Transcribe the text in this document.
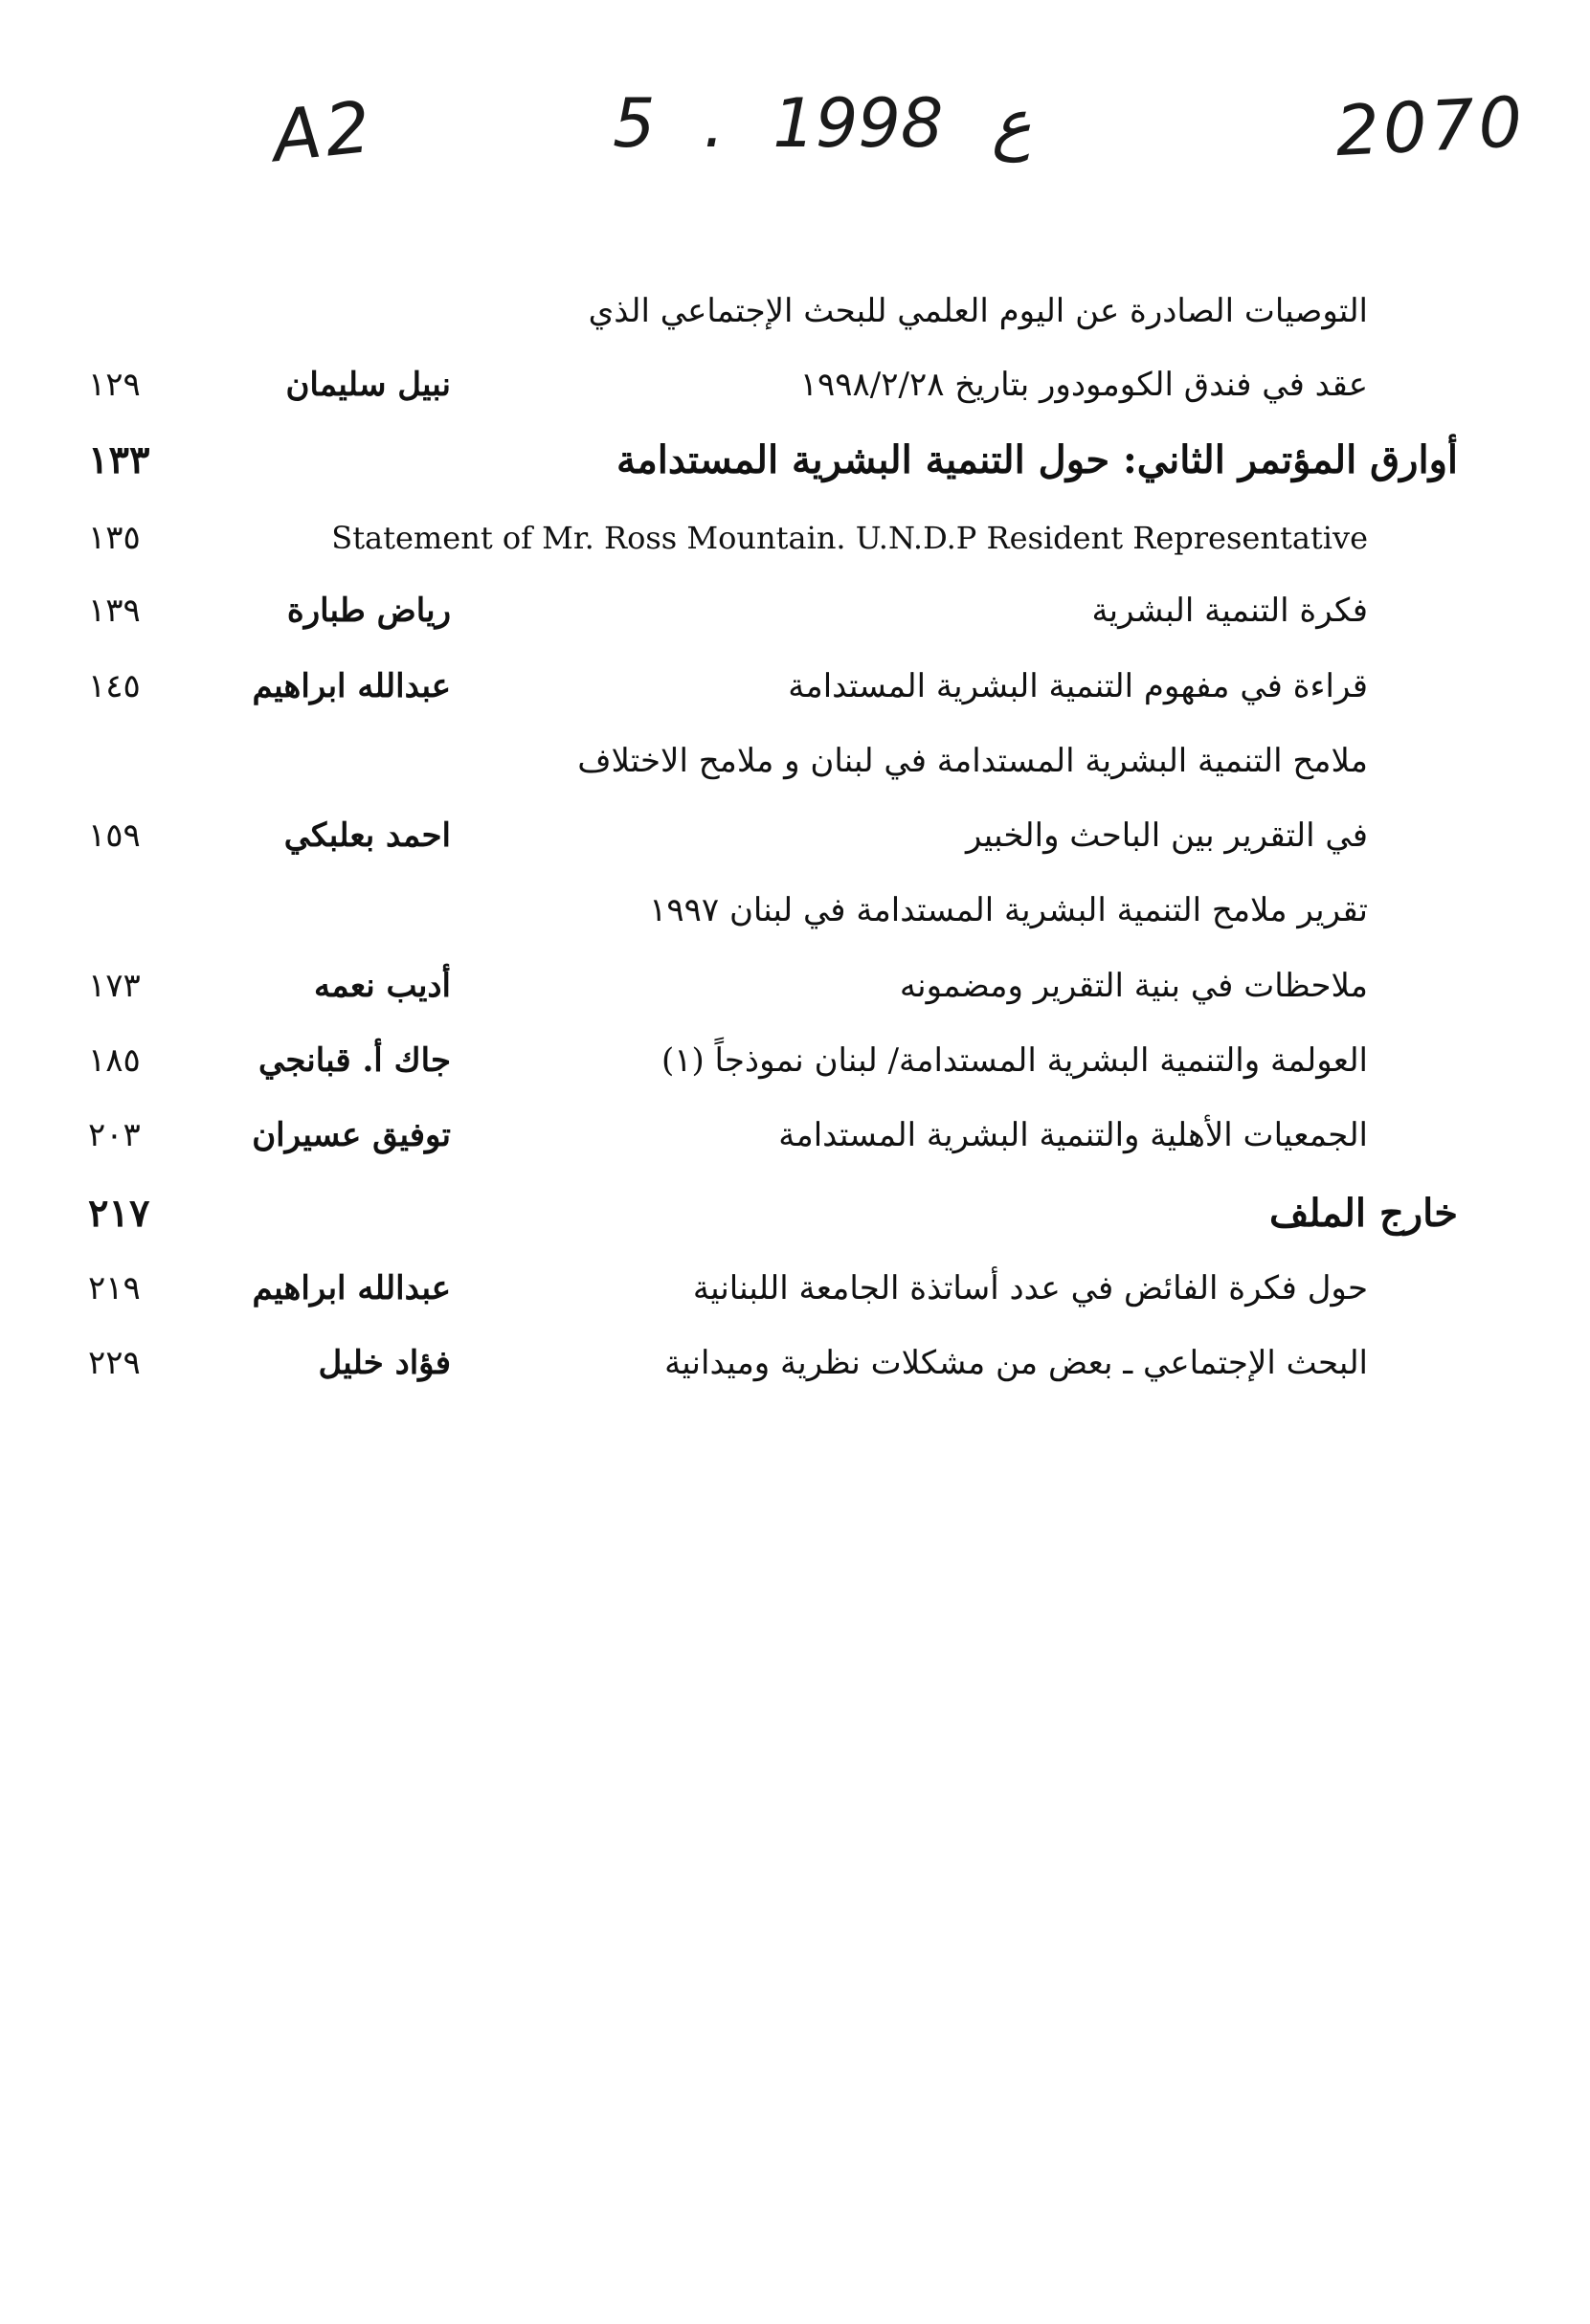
A2	5 . ع 1998	2070
التوصيات الصادرة عن اليوم العلمي للبحث الإجتماعي الذي
عقد في فندق الكومودور بتاريخ ١٩٩٨/٢/٢٨
نبيل سليمان
١٢٩
أوارق المؤتمر الثاني: حول التنمية البشرية المستدامة
١٣٣
Statement of Mr. Ross Mountain. U.N.D.P Resident Representative
١٣٥
فكرة التنمية البشرية
رياض طبارة
١٣٩
قراءة في مفهوم التنمية البشرية المستدامة
عبدالله ابراهيم
١٤٥
ملامح التنمية البشرية المستدامة في لبنان و ملامح الاختلاف
في التقرير بين الباحث والخبير
احمد بعلبكي
١٥٩
تقرير ملامح التنمية البشرية المستدامة في لبنان ١٩٩٧
ملاحظات في بنية التقرير ومضمونه
أديب نعمه
١٧٣
العولمة والتنمية البشرية المستدامة/ لبنان نموذجاً (١)
جاك أ. قبانجي
١٨٥
الجمعيات الأهلية والتنمية البشرية المستدامة
توفيق عسيران
٢٠٣
خارج الملف
٢١٧
حول فكرة الفائض في عدد أساتذة الجامعة اللبنانية
عبدالله ابراهيم
٢١٩
البحث الإجتماعي ـ بعض من مشكلات نظرية وميدانية
فؤاد خليل
٢٢٩
